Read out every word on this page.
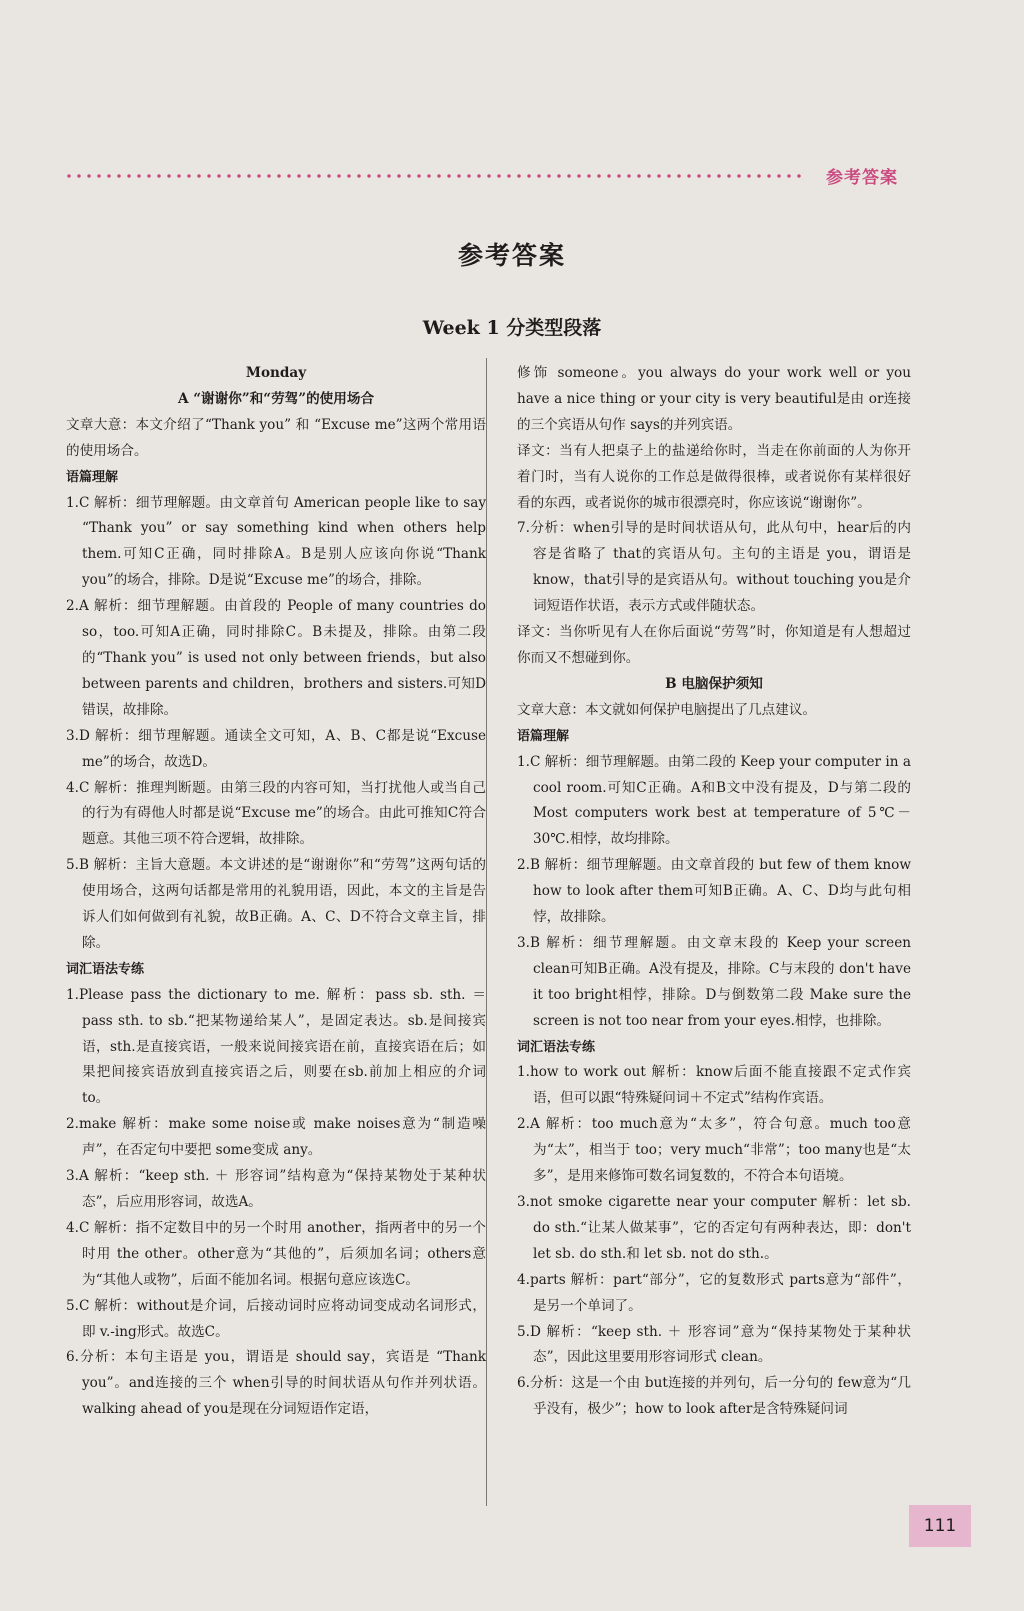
参考答案
参考答案
Week 1 分类型段落
Monday
A “谢谢你”和“劳驾”的使用场合
文章大意：本文介绍了“Thank you” 和 “Excuse me”这两个常用语的使用场合。
语篇理解
1.C 解析：细节理解题。由文章首句 American people like to say “Thank you” or say something kind when others help them.可知C正确，同时排除A。B是别人应该向你说“Thank you”的场合，排除。D是说“Excuse me”的场合，排除。
2.A 解析：细节理解题。由首段的 People of many countries do so，too.可知A正确，同时排除C。B未提及，排除。由第二段的“Thank you” is used not only between friends，but also between parents and children，brothers and sisters.可知D错误，故排除。
3.D 解析：细节理解题。通读全文可知，A、B、C都是说“Excuse me”的场合，故选D。
4.C 解析：推理判断题。由第三段的内容可知，当打扰他人或当自己的行为有碍他人时都是说“Excuse me”的场合。由此可推知C符合题意。其他三项不符合逻辑，故排除。
5.B 解析：主旨大意题。本文讲述的是“谢谢你”和“劳驾”这两句话的使用场合，这两句话都是常用的礼貌用语，因此，本文的主旨是告诉人们如何做到有礼貌，故B正确。A、C、D不符合文章主旨，排除。
词汇语法专练
1.Please pass the dictionary to me. 解析：pass sb. sth. ＝ pass sth. to sb.“把某物递给某人”，是固定表达。sb.是间接宾语，sth.是直接宾语，一般来说间接宾语在前，直接宾语在后；如果把间接宾语放到直接宾语之后，则要在sb.前加上相应的介词 to。
2.make 解析：make some noise或 make noises意为“制造噪声”，在否定句中要把 some变成 any。
3.A 解析：“keep sth. ＋ 形容词”结构意为“保持某物处于某种状态”，后应用形容词，故选A。
4.C 解析：指不定数目中的另一个时用 another，指两者中的另一个时用 the other。other意为“其他的”，后须加名词；others意为“其他人或物”，后面不能加名词。根据句意应该选C。
5.C 解析：without是介词，后接动词时应将动词变成动名词形式，即 v.-ing形式。故选C。
6.分析：本句主语是 you，谓语是 should say，宾语是 “Thank you”。and连接的三个 when引导的时间状语从句作并列状语。walking ahead of you是现在分词短语作定语，
修饰 someone。you always do your work well or you have a nice thing or your city is very beautiful是由 or连接的三个宾语从句作 says的并列宾语。
译文：当有人把桌子上的盐递给你时，当走在你前面的人为你开着门时，当有人说你的工作总是做得很棒，或者说你有某样很好看的东西，或者说你的城市很漂亮时，你应该说“谢谢你”。
7.分析：when引导的是时间状语从句，此从句中，hear后的内容是省略了 that的宾语从句。主句的主语是 you，谓语是 know，that引导的是宾语从句。without touching you是介词短语作状语，表示方式或伴随状态。
译文：当你听见有人在你后面说“劳驾”时，你知道是有人想超过你而又不想碰到你。
B 电脑保护须知
文章大意：本文就如何保护电脑提出了几点建议。
语篇理解
1.C 解析：细节理解题。由第二段的 Keep your computer in a cool room.可知C正确。A和B文中没有提及，D与第二段的 Most computers work best at temperature of 5℃－30℃.相悖，故均排除。
2.B 解析：细节理解题。由文章首段的 but few of them know how to look after them可知B正确。A、C、D均与此句相悖，故排除。
3.B 解析：细节理解题。由文章末段的 Keep your screen clean可知B正确。A没有提及，排除。C与末段的 don't have it too bright相悖，排除。D与倒数第二段 Make sure the screen is not too near from your eyes.相悖，也排除。
词汇语法专练
1.how to work out 解析：know后面不能直接跟不定式作宾语，但可以跟“特殊疑问词＋不定式”结构作宾语。
2.A 解析：too much意为“太多”，符合句意。much too意为“太”，相当于 too；very much“非常”；too many也是“太多”，是用来修饰可数名词复数的，不符合本句语境。
3.not smoke cigarette near your computer 解析：let sb. do sth.“让某人做某事”，它的否定句有两种表达，即：don't let sb. do sth.和 let sb. not do sth.。
4.parts 解析：part“部分”，它的复数形式 parts意为“部件”，是另一个单词了。
5.D 解析：“keep sth. ＋ 形容词”意为“保持某物处于某种状态”，因此这里要用形容词形式 clean。
6.分析：这是一个由 but连接的并列句，后一分句的 few意为“几乎没有，极少”；how to look after是含特殊疑问词
111
